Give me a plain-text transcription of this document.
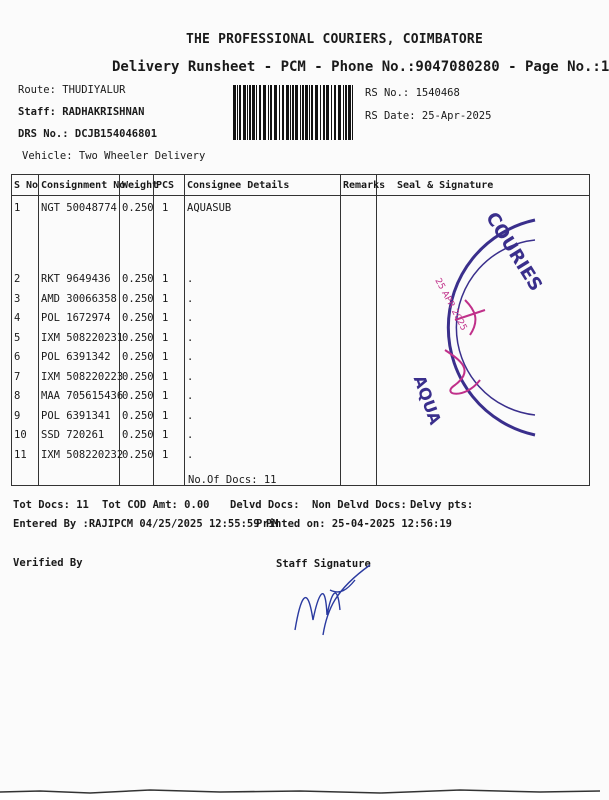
THE PROFESSIONAL COURIERS, COIMBATORE
Delivery Runsheet - PCM - Phone No.:9047080280 - Page No.:1
Route: THUDIYALUR
Staff: RADHAKRISHNAN
DRS No.: DCJB154046801
Vehicle: Two Wheeler Delivery
RS No.: 1540468
RS Date: 25-Apr-2025
S No	Consignment No	Weight	PCS	Consignee Details	Remarks	Seal & Signature
1	NGT 50048774	0.250	1	AQUASUB		
2	RKT 9649436	0.250	1	.		
3	AMD 30066358	0.250	1	.		
4	POL 1672974	0.250	1	.		
5	IXM 508220231	0.250	1	.		
6	POL 6391342	0.250	1	.		
7	IXM 508220223	0.250	1	.		
8	MAA 705615436	0.250	1	.		
9	POL 6391341	0.250	1	.		
10	SSD 720261	0.250	1	.		
11	IXM 508220232	0.250	1	.		

COURIES
AQUA
25 APR 2025
No.Of Docs: 11
Tot Docs: 11 Tot COD Amt: 0.00 Delvd Docs: Non Delvd Docs: Delvy pts:
Entered By :RAJIPCM 04/25/2025 12:55:59 PM
Printed on: 25-04-2025 12:56:19
Verified By	Staff Signature
